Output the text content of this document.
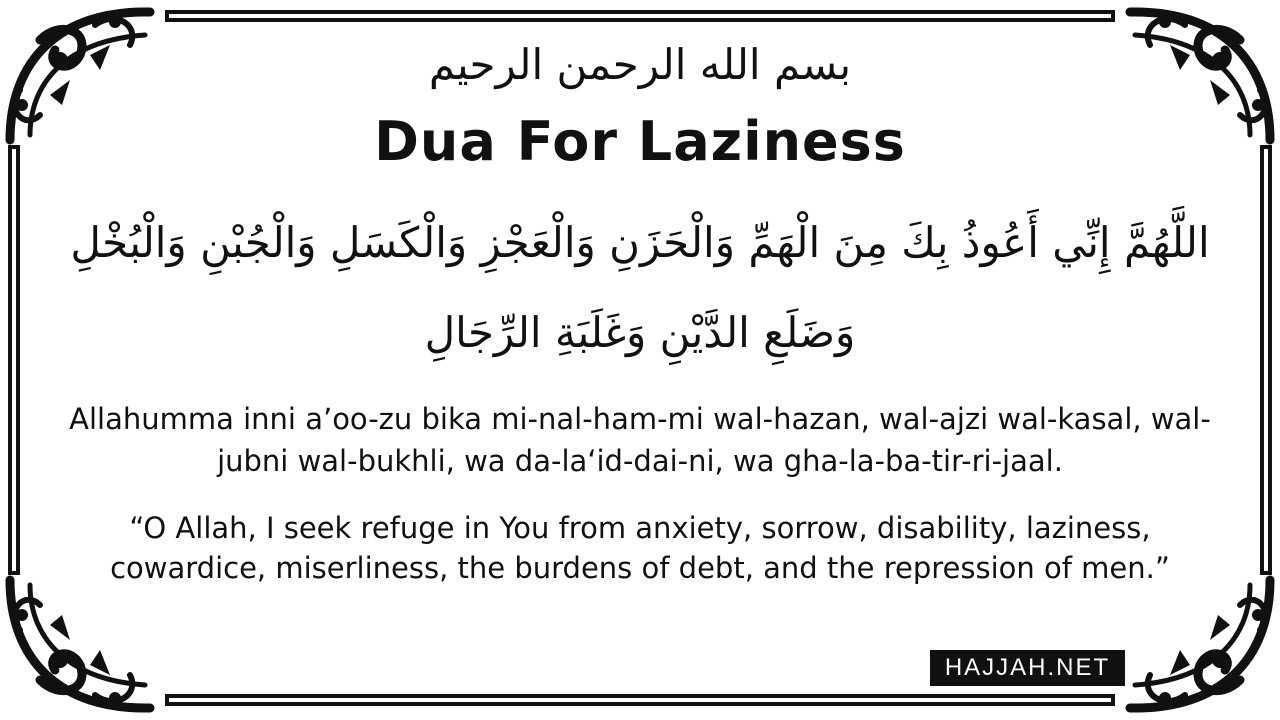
بسم الله الرحمن الرحيم
Dua For Laziness
اللَّهُمَّ إِنِّي أَعُوذُ بِكَ مِنَ الْهَمِّ وَالْحَزَنِ وَالْعَجْزِ وَالْكَسَلِ وَالْجُبْنِ وَالْبُخْلِ وَضَلَعِ الدَّيْنِ وَغَلَبَةِ الرِّجَالِ
Allahumma inni a’oo-zu bika mi-nal-ham-mi wal-hazan, wal-ajzi wal-kasal, wal-jubni wal-bukhli, wa da-la‘id-dai-ni, wa gha-la-ba-tir-ri-jaal.
“O Allah, I seek refuge in You from anxiety, sorrow, disability, laziness, cowardice, miserliness, the burdens of debt, and the repression of men.”
HAJJAH.NET
